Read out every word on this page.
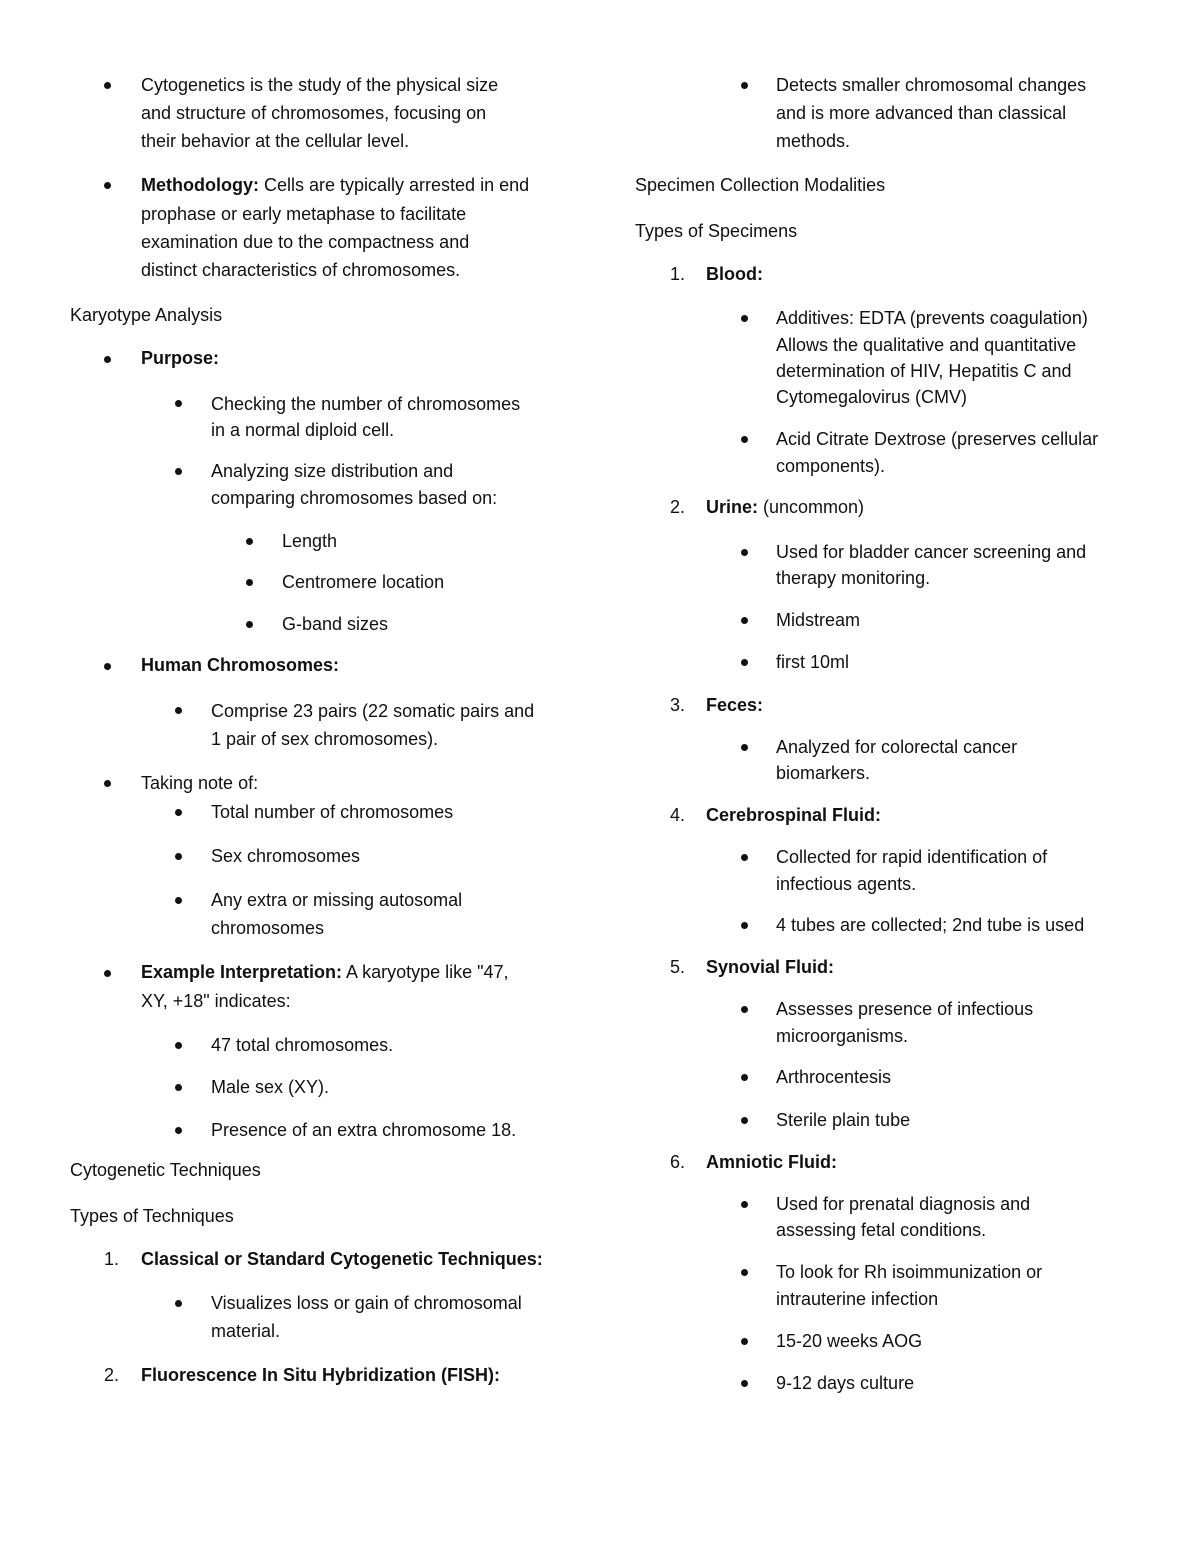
Cytogenetics is the study of the physical size
and structure of chromosomes, focusing on
their behavior at the cellular level.
Methodology: Cells are typically arrested in end
prophase or early metaphase to facilitate
examination due to the compactness and
distinct characteristics of chromosomes.
Karyotype Analysis
Purpose:
Checking the number of chromosomes
in a normal diploid cell.
Analyzing size distribution and
comparing chromosomes based on:
Length
Centromere location
G-band sizes
Human Chromosomes:
Comprise 23 pairs (22 somatic pairs and
1 pair of sex chromosomes).
Taking note of:
Total number of chromosomes
Sex chromosomes
Any extra or missing autosomal
chromosomes
Example Interpretation: A karyotype like "47,
XY, +18" indicates:
47 total chromosomes.
Male sex (XY).
Presence of an extra chromosome 18.
Cytogenetic Techniques
Types of Techniques
1. Classical or Standard Cytogenetic Techniques:
Visualizes loss or gain of chromosomal
material.
2. Fluorescence In Situ Hybridization (FISH):
Detects smaller chromosomal changes
and is more advanced than classical
methods.
Specimen Collection Modalities
Types of Specimens
1. Blood:
Additives: EDTA (prevents coagulation)
Allows the qualitative and quantitative
determination of HIV, Hepatitis C and
Cytomegalovirus (CMV)
Acid Citrate Dextrose (preserves cellular
components).
2. Urine: (uncommon)
Used for bladder cancer screening and
therapy monitoring.
Midstream
first 10ml
3. Feces:
Analyzed for colorectal cancer
biomarkers.
4. Cerebrospinal Fluid:
Collected for rapid identification of
infectious agents.
4 tubes are collected; 2nd tube is used
5. Synovial Fluid:
Assesses presence of infectious
microorganisms.
Arthrocentesis
Sterile plain tube
6. Amniotic Fluid:
Used for prenatal diagnosis and
assessing fetal conditions.
To look for Rh isoimmunization or
intrauterine infection
15-20 weeks AOG
9-12 days culture
